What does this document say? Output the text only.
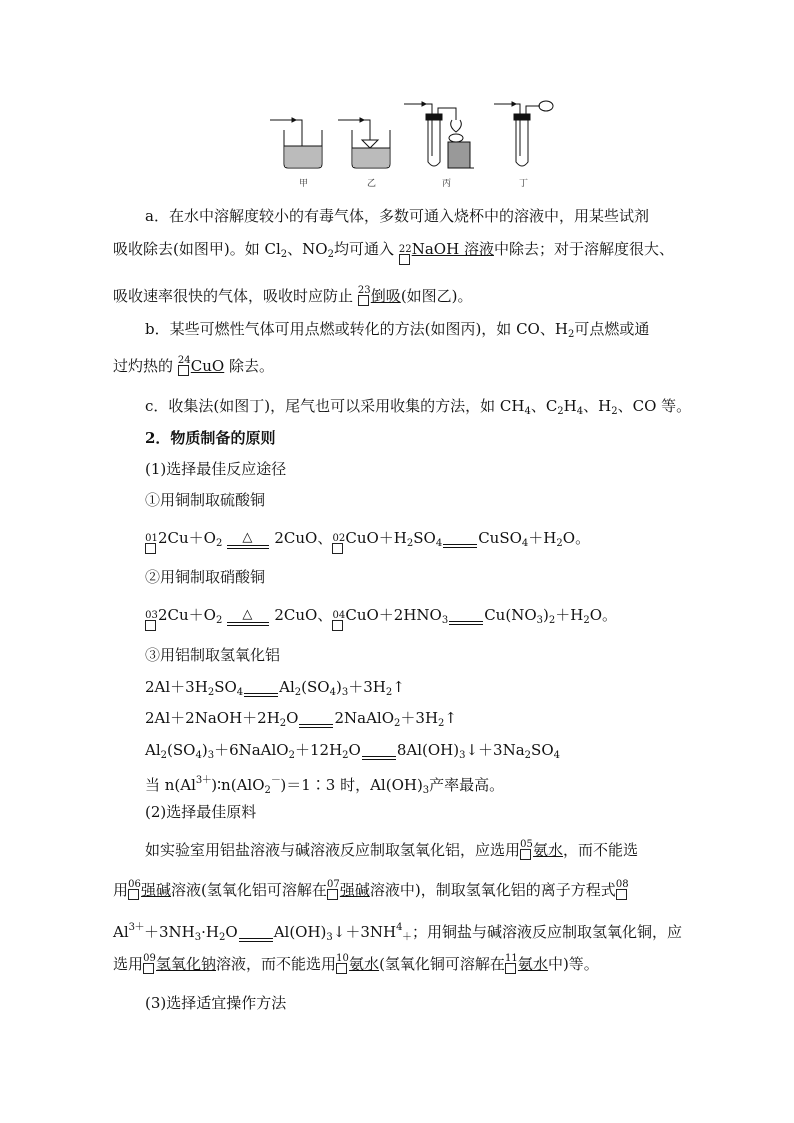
甲	乙	丙	丁
a．在水中溶解度较小的有毒气体，多数可通入烧杯中的溶液中，用某些试剂
吸收除去(如图甲)。如 $Cl_2$、$NO_2$均可通入 22 NaOH 溶液中除去；对于溶解度很大、
吸收速率很快的气体，吸收时应防止 23 倒吸(如图乙)。
b．某些可燃性气体可用点燃或转化的方法(如图丙)，如 CO、$H_2$可点燃或通
过灼热的 24 CuO 除去。
c．收集法(如图丁)，尾气也可以采用收集的方法，如 $CH_4$、$C_2H_4$、$H_2$、CO 等。
2．物质制备的原则
(1)选择最佳反应途径
①用铜制取硫酸铜
01 $2Cu+O_2$ △ 2CuO、 02 $CuO+H_2SO_4$ $CuSO_4+H_2O$。
②用铜制取硝酸铜
03 $2Cu+O_2$ △ 2CuO、 04 $CuO+2HNO_3$ $Cu(NO_3)_2+H_2O$。
③用铝制取氢氧化铝
$2Al+3H_2SO_4$ $Al_2(SO_4)_3+3H_2↑$
$2Al+2NaOH+2H_2O$ $2NaAlO_2+3H_2↑$
$Al_2(SO_4)_3+6NaAlO_2+12H_2O$ $8Al(OH)_3↓+3Na_2SO_4$
当 $n(Al^{3+})∶n(AlO_2^-)=1∶3$ 时，$Al(OH)_3$产率最高。
(2)选择最佳原料
如实验室用铝盐溶液与碱溶液反应制取氢氧化铝，应选用 05 氨水，而不能选
用 06 强碱溶液(氢氧化铝可溶解在 07 强碱溶液中)，制取氢氧化铝的离子方程式 08
$Al^{3+}+3NH_3\cdot H_2O$ $Al(OH)_3↓+3NH^4_+$；用铜盐与碱溶液反应制取氢氧化铜，应
选用 09 氢氧化钠溶液，而不能选用 10 氨水(氢氧化铜可溶解在 11 氨水中)等。
(3)选择适宜操作方法
